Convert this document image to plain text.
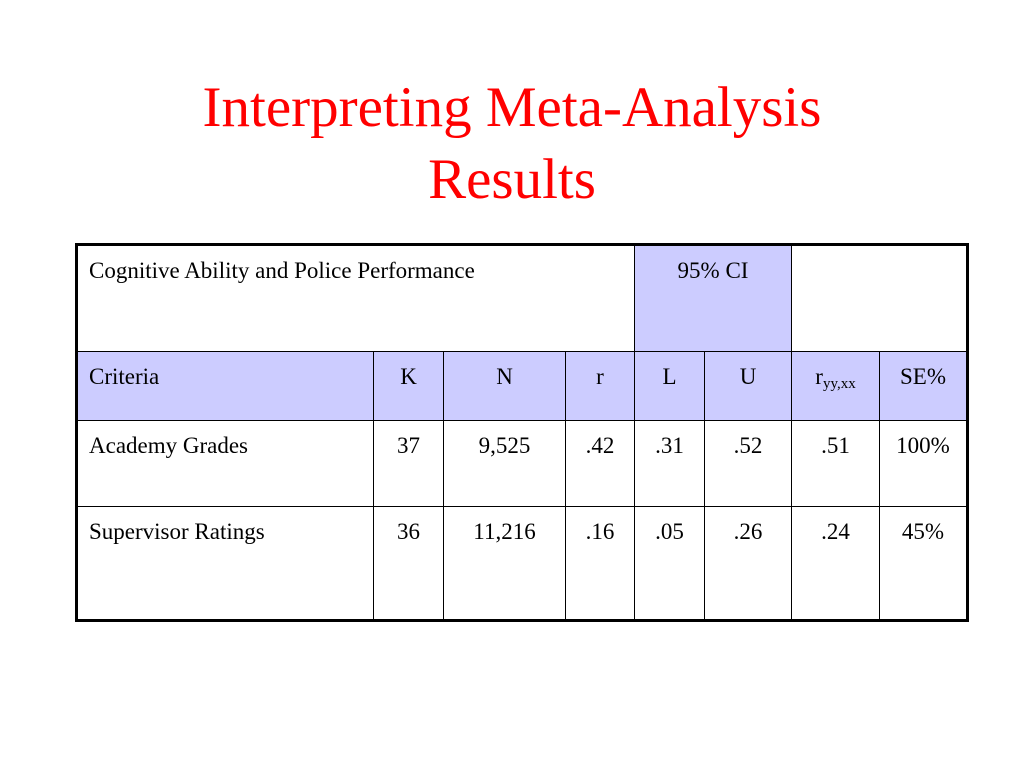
Interpreting Meta-Analysis
Results
Cognitive Ability and Police Performance				95% CI			

Criteria	K	N	r	L	U	$r_{yy,xx}$	SE%

Academy Grades	37	9,525	.42	.31	.52	.51	100%

Supervisor Ratings	36	11,216	.16	.05	.26	.24	45%
